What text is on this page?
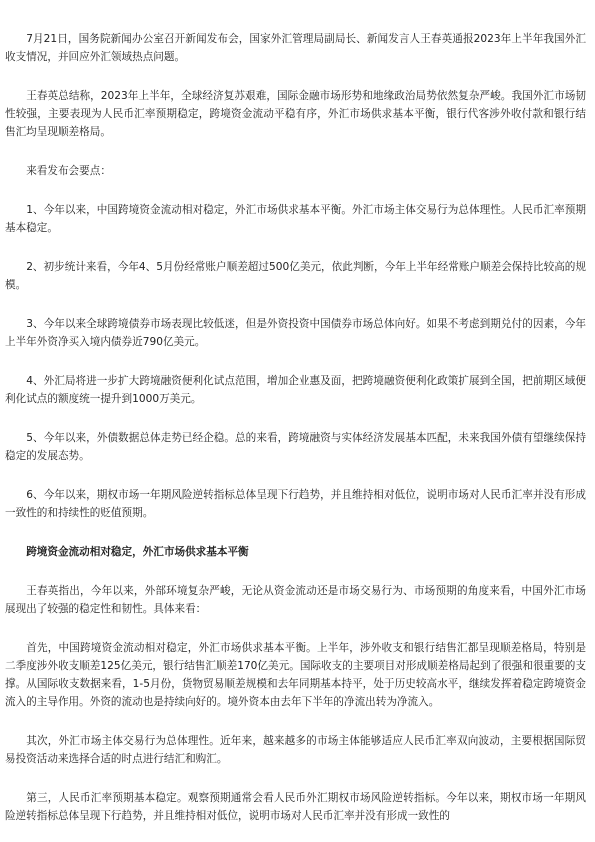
7月21日，国务院新闻办公室召开新闻发布会，国家外汇管理局副局长、新闻发言人王春英通报2023年上半年我国外汇收支情况，并回应外汇领域热点问题。

王春英总结称，2023年上半年，全球经济复苏艰难，国际金融市场形势和地缘政治局势依然复杂严峻。我国外汇市场韧性较强，主要表现为人民币汇率预期稳定，跨境资金流动平稳有序，外汇市场供求基本平衡，银行代客涉外收付款和银行结售汇均呈现顺差格局。

来看发布会要点：

1、今年以来，中国跨境资金流动相对稳定，外汇市场供求基本平衡。外汇市场主体交易行为总体理性。人民币汇率预期基本稳定。

2、初步统计来看，今年4、5月份经常账户顺差超过500亿美元，依此判断，今年上半年经常账户顺差会保持比较高的规模。

3、今年以来全球跨境债券市场表现比较低迷，但是外资投资中国债券市场总体向好。如果不考虑到期兑付的因素，今年上半年外资净买入境内债券近790亿美元。

4、外汇局将进一步扩大跨境融资便利化试点范围，增加企业惠及面，把跨境融资便利化政策扩展到全国，把前期区域便利化试点的额度统一提升到1000万美元。

5、今年以来，外债数据总体走势已经企稳。总的来看，跨境融资与实体经济发展基本匹配，未来我国外债有望继续保持稳定的发展态势。

6、今年以来，期权市场一年期风险逆转指标总体呈现下行趋势，并且维持相对低位，说明市场对人民币汇率并没有形成一致性的和持续性的贬值预期。

跨境资金流动相对稳定，外汇市场供求基本平衡

王春英指出，今年以来，外部环境复杂严峻，无论从资金流动还是市场交易行为、市场预期的角度来看，中国外汇市场展现出了较强的稳定性和韧性。具体来看：

首先，中国跨境资金流动相对稳定，外汇市场供求基本平衡。上半年，涉外收支和银行结售汇都呈现顺差格局，特别是二季度涉外收支顺差125亿美元，银行结售汇顺差170亿美元。国际收支的主要项目对形成顺差格局起到了很强和很重要的支撑。从国际收支数据来看，1-5月份，货物贸易顺差规模和去年同期基本持平，处于历史较高水平，继续发挥着稳定跨境资金流入的主导作用。外资的流动也是持续向好的。境外资本由去年下半年的净流出转为净流入。

其次，外汇市场主体交易行为总体理性。近年来，越来越多的市场主体能够适应人民币汇率双向波动，主要根据国际贸易投资活动来选择合适的时点进行结汇和购汇。

第三，人民币汇率预期基本稳定。观察预期通常会看人民币外汇期权市场风险逆转指标。今年以来，期权市场一年期风险逆转指标总体呈现下行趋势，并且维持相对低位，说明市场对人民币汇率并没有形成一致性的
